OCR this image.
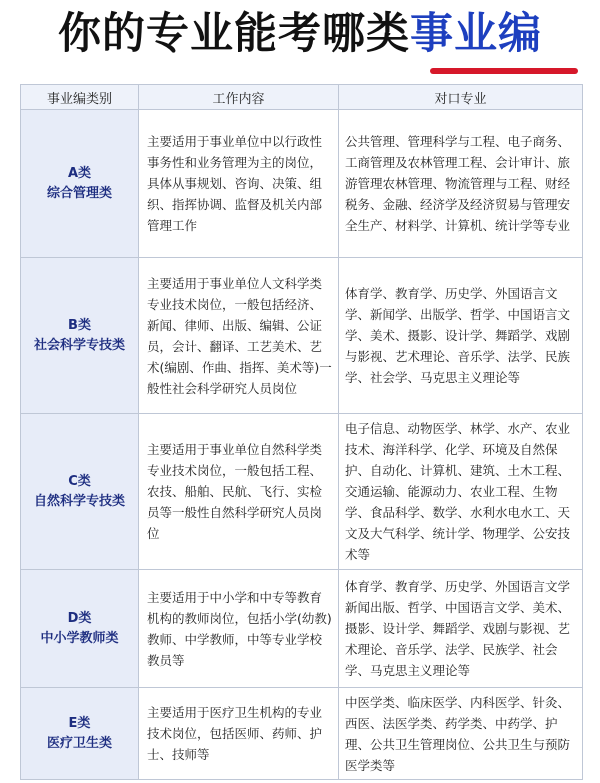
你的专业能考哪类事业编
事业编类别	工作内容	对口专业

A类
综合管理类	主要适用于事业单位中以行政性事务性和业务管理为主的岗位，具体从事规划、咨询、决策、组织、指挥协调、监督及机关内部管理工作	公共管理、管理科学与工程、电子商务、工商管理及农林管理工程、会计审计、旅游管理农林管理、物流管理与工程、财经税务、金融、经济学及经济贸易与管理安全生产、材料学、计算机、统计学等专业

B类
社会科学专技类	主要适用于事业单位人文科学类专业技术岗位，一般包括经济、新闻、律师、出版、编辑、公证员，会计、翻译、工艺美术、艺术(编剧、作曲、指挥、美术等)一般性社会科学研究人员岗位	体育学、教育学、历史学、外国语言文学、新闻学、出版学、哲学、中国语言文学、美术、摄影、设计学、舞蹈学、戏剧与影视、艺术理论、音乐学、法学、民族学、社会学、马克思主义理论等

C类
自然科学专技类	主要适用于事业单位自然科学类专业技术岗位，一般包括工程、农技、船舶、民航、飞行、实检员等一般性自然科学研究人员岗位	电子信息、动物医学、林学、水产、农业技术、海洋科学、化学、环境及自然保护、自动化、计算机、建筑、土木工程、交通运输、能源动力、农业工程、生物学、食品科学、数学、水利水电水工、天文及大气科学、统计学、物理学、公安技术等

D类
中小学教师类	主要适用于中小学和中专等教育机构的教师岗位，包括小学(幼教)教师、中学教师，中等专业学校教员等	体育学、教育学、历史学、外国语言文学新闻出版、哲学、中国语言文学、美术、摄影、设计学、舞蹈学、戏剧与影视、艺术理论、音乐学、法学、民族学、社会学、马克思主义理论等

E类
医疗卫生类	主要适用于医疗卫生机构的专业技术岗位，包括医师、药师、护士、技师等	中医学类、临床医学、内科医学、针灸、西医、法医学类、药学类、中药学、护理、公共卫生管理岗位、公共卫生与预防医学类等
